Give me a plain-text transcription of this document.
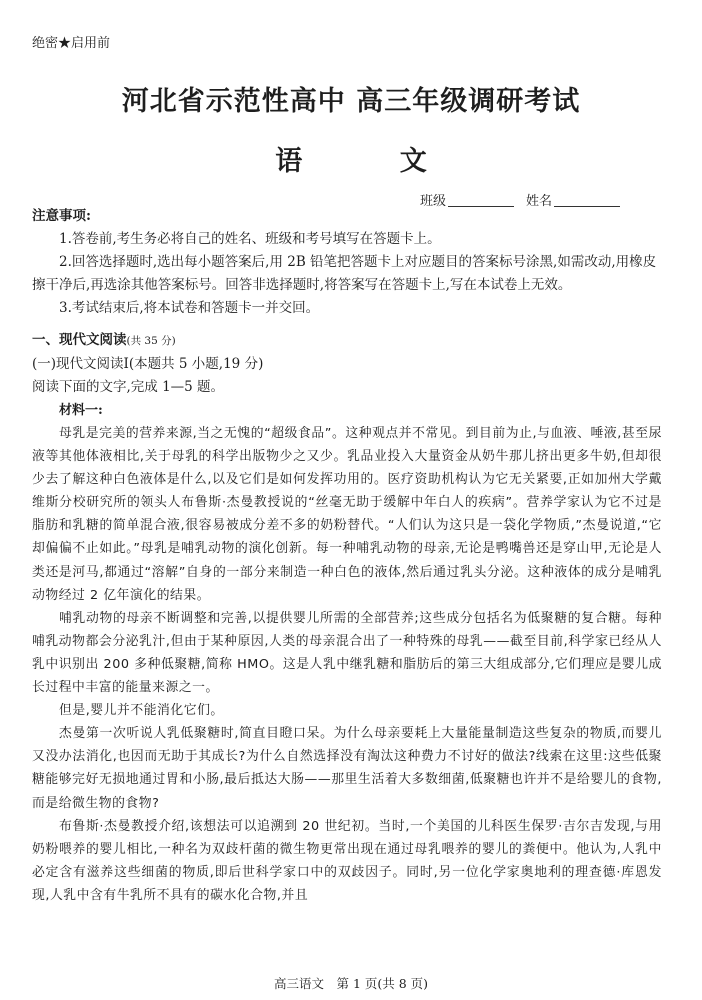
绝密★启用前
河北省示范性高中 高三年级调研考试
语 文
班级	姓名

注意事项:

1.答卷前,考生务必将自己的姓名、班级和考号填写在答题卡上。

2.回答选择题时,选出每小题答案后,用 2B 铅笔把答题卡上对应题目的答案标号涂黑,如需改动,用橡皮擦干净后,再选涂其他答案标号。回答非选择题时,将答案写在答题卡上,写在本试卷上无效。

3.考试结束后,将本试卷和答题卡一并交回。

一、现代文阅读(共 35 分)

(一)现代文阅读Ⅰ(本题共 5 小题,19 分)

阅读下面的文字,完成 1—5 题。

材料一:

母乳是完美的营养来源,当之无愧的“超级食品”。这种观点并不常见。到目前为止,与血液、唾液,甚至尿液等其他体液相比,关于母乳的科学出版物少之又少。乳品业投入大量资金从奶牛那儿挤出更多牛奶,但却很少去了解这种白色液体是什么,以及它们是如何发挥功用的。医疗资助机构认为它无关紧要,正如加州大学戴维斯分校研究所的领头人布鲁斯·杰曼教授说的“丝毫无助于缓解中年白人的疾病”。营养学家认为它不过是脂肪和乳糖的简单混合液,很容易被成分差不多的奶粉替代。“人们认为这只是一袋化学物质,”杰曼说道,“它却偏偏不止如此。”母乳是哺乳动物的演化创新。每一种哺乳动物的母亲,无论是鸭嘴兽还是穿山甲,无论是人类还是河马,都通过“溶解”自身的一部分来制造一种白色的液体,然后通过乳头分泌。这种液体的成分是哺乳动物经过 2 亿年演化的结果。

哺乳动物的母亲不断调整和完善,以提供婴儿所需的全部营养;这些成分包括名为低聚糖的复合糖。每种哺乳动物都会分泌乳汁,但由于某种原因,人类的母亲混合出了一种特殊的母乳——截至目前,科学家已经从人乳中识别出 200 多种低聚糖,简称 HMO。这是人乳中继乳糖和脂肪后的第三大组成部分,它们理应是婴儿成长过程中丰富的能量来源之一。

但是,婴儿并不能消化它们。

杰曼第一次听说人乳低聚糖时,简直目瞪口呆。为什么母亲要耗上大量能量制造这些复杂的物质,而婴儿又没办法消化,也因而无助于其成长?为什么自然选择没有淘汰这种费力不讨好的做法?线索在这里:这些低聚糖能够完好无损地通过胃和小肠,最后抵达大肠——那里生活着大多数细菌,低聚糖也许并不是给婴儿的食物,而是给微生物的食物?

布鲁斯·杰曼教授介绍,该想法可以追溯到 20 世纪初。当时,一个美国的儿科医生保罗·吉尔吉发现,与用奶粉喂养的婴儿相比,一种名为双歧杆菌的微生物更常出现在通过母乳喂养的婴儿的粪便中。他认为,人乳中必定含有滋养这些细菌的物质,即后世科学家口中的双歧因子。同时,另一位化学家奥地利的理查德·库恩发现,人乳中含有牛乳所不具有的碳水化合物,并且

高三语文　第 1 页(共 8 页)
